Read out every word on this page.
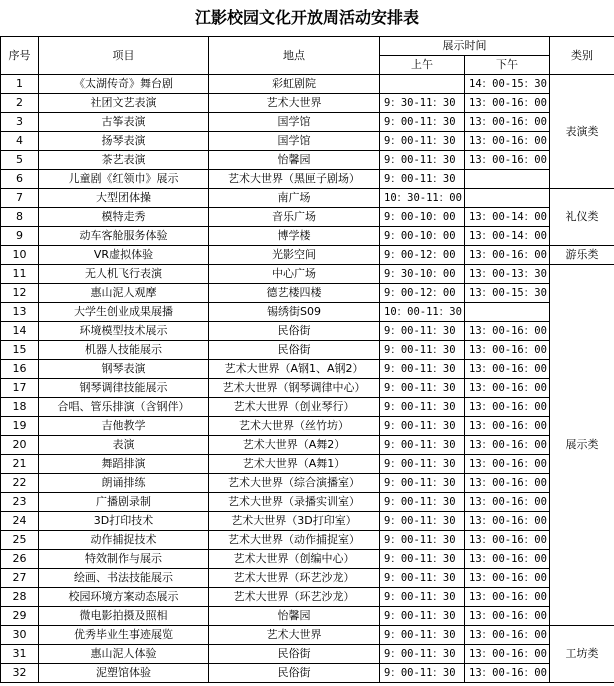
江影校园文化开放周活动安排表
序号	项目	地点	展示时间		类别
			上午	下午	
1	《太湖传奇》舞台剧	彩虹剧院		14：00-15：30	表演类
2	社团文艺表演	艺术大世界	9：30-11：30	13：00-16：00	
3	古筝表演	国学馆	9：00-11：30	13：00-16：00	
4	扬琴表演	国学馆	9：00-11：30	13：00-16：00	
5	茶艺表演	怡馨园	9：00-11：30	13：00-16：00	
6	儿童剧《红领巾》展示	艺术大世界（黑匣子剧场）	9：00-11：30		
7	大型团体操	南广场	10：30-11：00		礼仪类
8	模特走秀	音乐广场	9：00-10：00	13：00-14：00	
9	动车客舱服务体验	博学楼	9：00-10：00	13：00-14：00	
10	VR虚拟体验	光影空间	9：00-12：00	13：00-16：00	游乐类
11	无人机飞行表演	中心广场	9：30-10：00	13：00-13：30	展示类
12	惠山泥人观摩	德艺楼四楼	9：00-12：00	13：00-15：30	
13	大学生创业成果展播	锡绣街S09	10：00-11：30		
14	环境模型技术展示	民俗街	9：00-11：30	13：00-16：00	
15	机器人技能展示	民俗街	9：00-11：30	13：00-16：00	
16	钢琴表演	艺术大世界（A钢1、A钢2）	9：00-11：30	13：00-16：00	
17	钢琴调律技能展示	艺术大世界（钢琴调律中心）	9：00-11：30	13：00-16：00	
18	合唱、管乐排演（含钢伴）	艺术大世界（创业琴行）	9：00-11：30	13：00-16：00	
19	吉他教学	艺术大世界（丝竹坊）	9：00-11：30	13：00-16：00	
20	表演	艺术大世界（A舞2）	9：00-11：30	13：00-16：00	
21	舞蹈排演	艺术大世界（A舞1）	9：00-11：30	13：00-16：00	
22	朗诵排练	艺术大世界（综合演播室）	9：00-11：30	13：00-16：00	
23	广播剧录制	艺术大世界（录播实训室）	9：00-11：30	13：00-16：00	
24	3D打印技术	艺术大世界（3D打印室）	9：00-11：30	13：00-16：00	
25	动作捕捉技术	艺术大世界（动作捕捉室）	9：00-11：30	13：00-16：00	
26	特效制作与展示	艺术大世界（创编中心）	9：00-11：30	13：00-16：00	
27	绘画、书法技能展示	艺术大世界（环艺沙龙）	9：00-11：30	13：00-16：00	
28	校园环境方案动态展示	艺术大世界（环艺沙龙）	9：00-11：30	13：00-16：00	
29	微电影拍摄及照相	怡馨园	9：00-11：30	13：00-16：00	
30	优秀毕业生事迹展览	艺术大世界	9：00-11：30	13：00-16：00	工坊类
31	惠山泥人体验	民俗街	9：00-11：30	13：00-16：00	
32	泥塑馆体验	民俗街	9：00-11：30	13：00-16：00	
